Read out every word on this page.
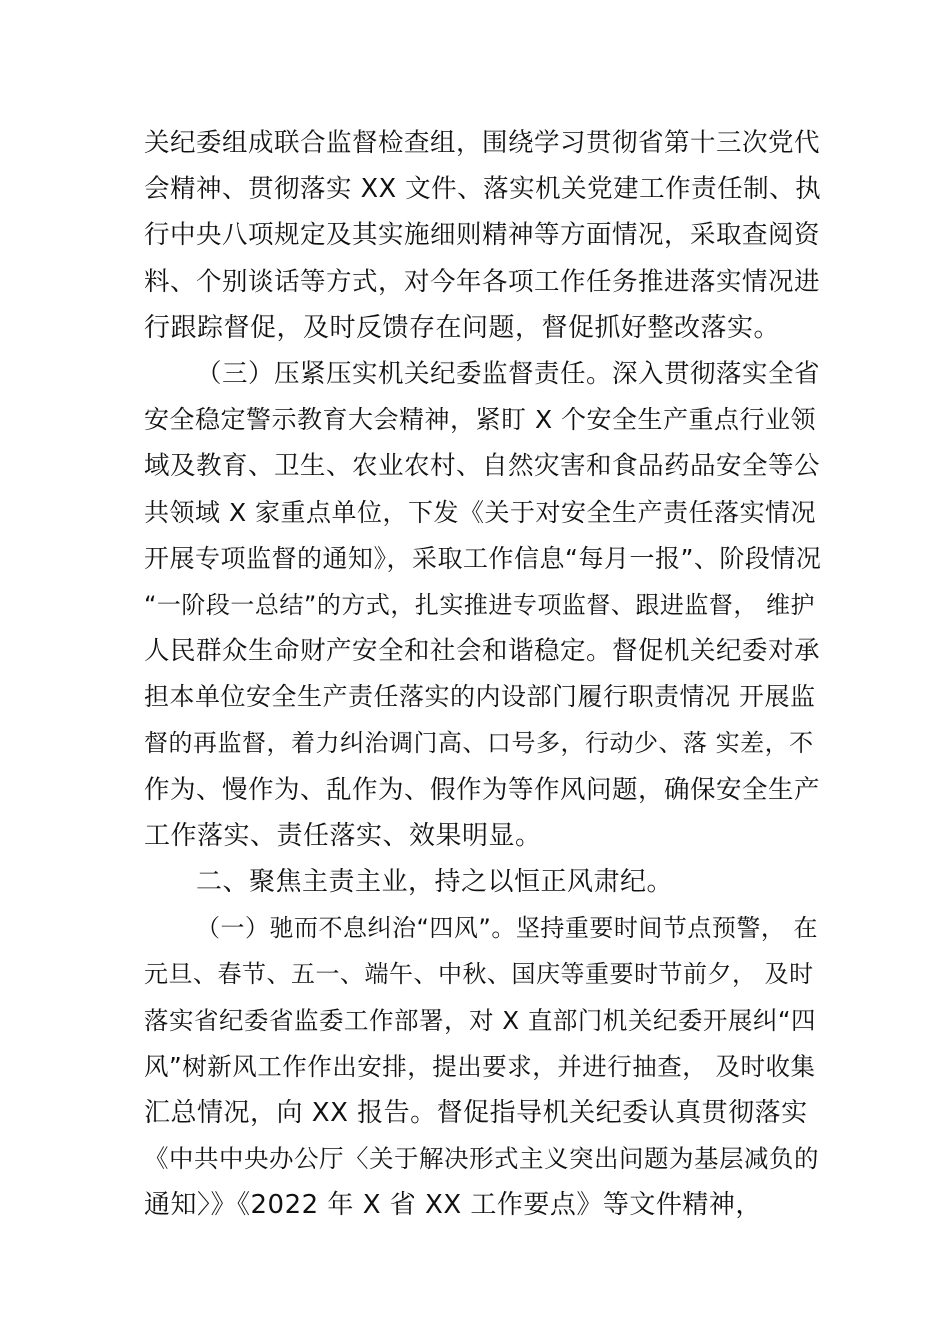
关纪委组成联合监督检查组，围绕学习贯彻省第十三次党代
会精神、贯彻落实 XX 文件、落实机关党建工作责任制、执
行中央八项规定及其实施细则精神等方面情况，采取查阅资
料、个别谈话等方式，对今年各项工作任务推进落实情况进
行跟踪督促，及时反馈存在问题，督促抓好整改落实。
（三）压紧压实机关纪委监督责任。深入贯彻落实全省
安全稳定警示教育大会精神，紧盯 X 个安全生产重点行业领
域及教育、卫生、农业农村、自然灾害和食品药品安全等公
共领域 X 家重点单位，下发《关于对安全生产责任落实情况
开展专项监督的通知》，采取工作信息“每月一报”、阶段情况
“一阶段一总结”的方式，扎实推进专项监督、跟进监督， 维护
人民群众生命财产安全和社会和谐稳定。督促机关纪委对承
担本单位安全生产责任落实的内设部门履行职责情况 开展监
督的再监督，着力纠治调门高、口号多，行动少、落 实差，不
作为、慢作为、乱作为、假作为等作风问题，确保安全生产
工作落实、责任落实、效果明显。
二、聚焦主责主业，持之以恒正风肃纪。
（一）驰而不息纠治“四风”。坚持重要时间节点预警， 在
元旦、春节、五一、端午、中秋、国庆等重要时节前夕， 及时
落实省纪委省监委工作部署，对 X 直部门机关纪委开展纠“四
风”树新风工作作出安排，提出要求，并进行抽查， 及时收集
汇总情况，向 XX 报告。督促指导机关纪委认真贯彻落实
《中共中央办公厅〈关于解决形式主义突出问题为基层减负的
通知〉》《2022 年 X 省 XX 工作要点》等文件精神，
